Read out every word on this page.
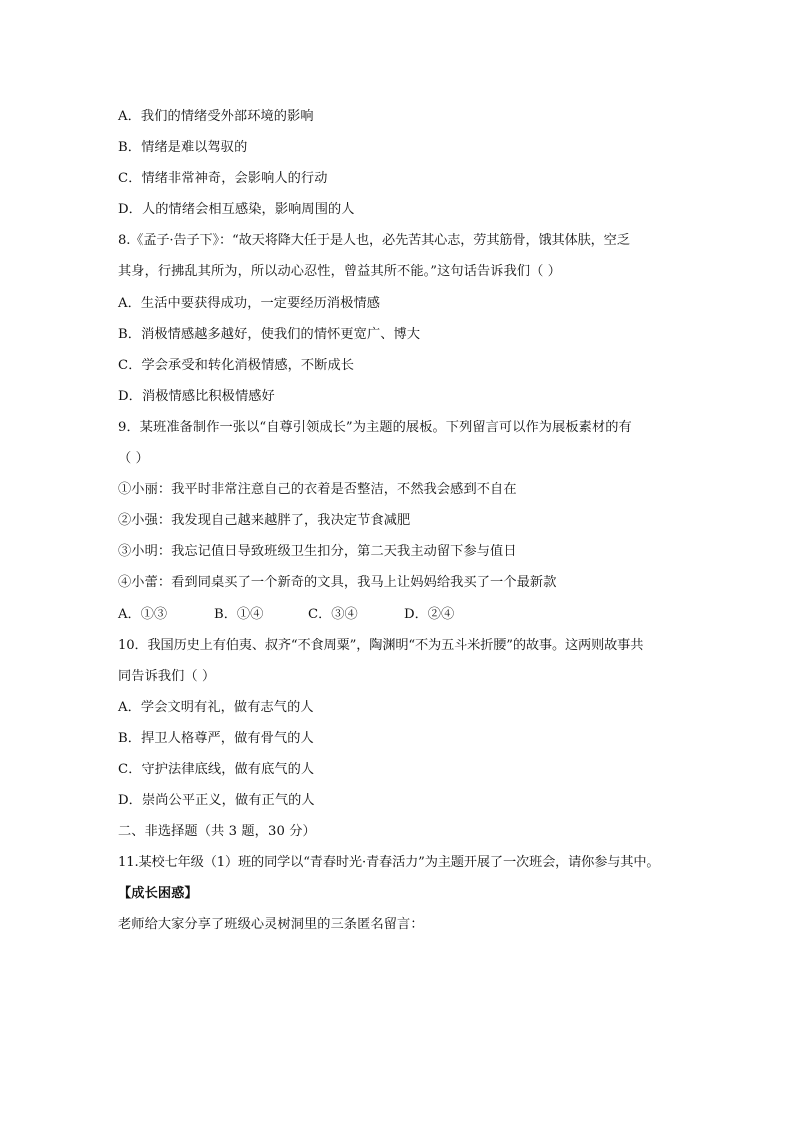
A．我们的情绪受外部环境的影响
B．情绪是难以驾驭的
C．情绪非常神奇，会影响人的行动
D．人的情绪会相互感染，影响周围的人
8.《孟子·告子下》：“故天将降大任于是人也，必先苦其心志，劳其筋骨，饿其体肤，空乏
其身，行拂乱其所为，所以动心忍性，曾益其所不能。”这句话告诉我们（ ）
A．生活中要获得成功，一定要经历消极情感
B．消极情感越多越好，使我们的情怀更宽广、博大
C．学会承受和转化消极情感，不断成长
D．消极情感比积极情感好
9．某班准备制作一张以“自尊引领成长”为主题的展板。下列留言可以作为展板素材的有
（ ）
①小丽：我平时非常注意自己的衣着是否整洁，不然我会感到不自在
②小强：我发现自己越来越胖了，我决定节食减肥
③小明：我忘记值日导致班级卫生扣分，第二天我主动留下参与值日
④小蕾：看到同桌买了一个新奇的文具，我马上让妈妈给我买了一个最新款
A．①③	B．①④	C．③④	D．②④
10．我国历史上有伯夷、叔齐“不食周粟”，陶渊明“不为五斗米折腰”的故事。这两则故事共
同告诉我们（ ）
A．学会文明有礼，做有志气的人
B．捍卫人格尊严，做有骨气的人
C．守护法律底线，做有底气的人
D．崇尚公平正义，做有正气的人
二、非选择题（共 3 题，30 分）
11.某校七年级（1）班的同学以“青春时光·青春活力”为主题开展了一次班会，请你参与其中。
【成长困惑】
老师给大家分享了班级心灵树洞里的三条匿名留言：
